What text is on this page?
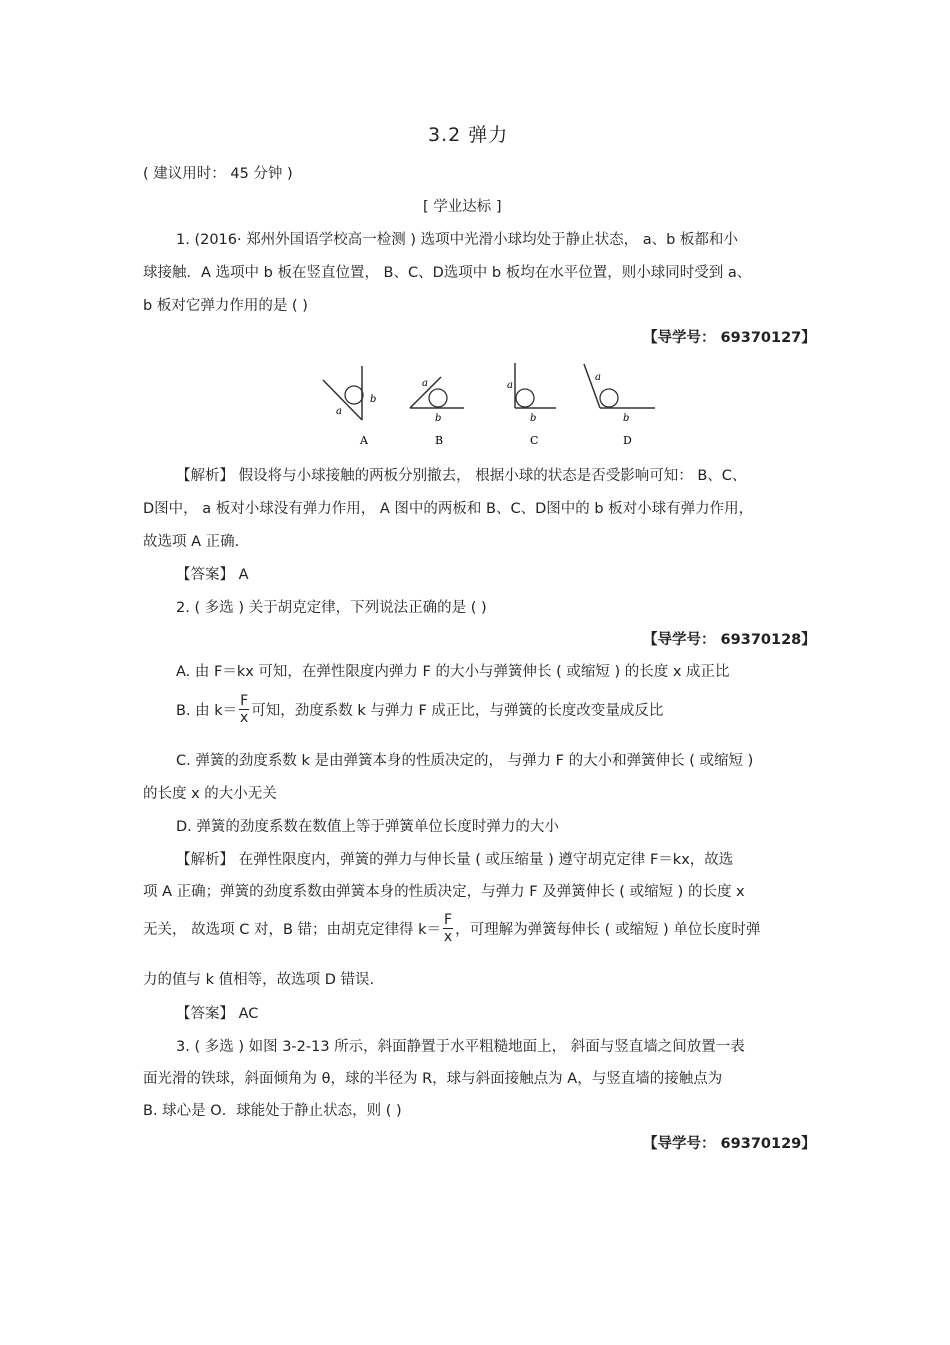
3.2 弹力
( 建议用时： 45 分钟 )
[ 学业达标 ]
1. (2016· 郑州外国语学校高一检测 ) 选项中光滑小球均处于静止状态， a、b 板都和小
球接触．A 选项中 b 板在竖直位置， B、C、D选项中 b 板均在水平位置，则小球同时受到 a、
b 板对它弹力作用的是 ( )
【导学号： 69370127】
a
b
A
a
b
B
a
b
C
a
b
D
【解析】 假设将与小球接触的两板分别撤去， 根据小球的状态是否受影响可知： B、C、
D图中， a 板对小球没有弹力作用， A 图中的两板和 B、C、D图中的 b 板对小球有弹力作用，
故选项 A 正确.
【答案】 A
2. ( 多选 ) 关于胡克定律，下列说法正确的是 ( )
【导学号： 69370128】
A. 由 F＝kx 可知，在弹性限度内弹力 F 的大小与弹簧伸长 ( 或缩短 ) 的长度 x 成正比
B. 由 $k= \frac{F}{x}$ 可知，劲度系数 k 与弹力 F 成正比，与弹簧的长度改变量成反比
C. 弹簧的劲度系数 k 是由弹簧本身的性质决定的， 与弹力 F 的大小和弹簧伸长 ( 或缩短 )
的长度 x 的大小无关
D. 弹簧的劲度系数在数值上等于弹簧单位长度时弹力的大小
【解析】 在弹性限度内，弹簧的弹力与伸长量 ( 或压缩量 ) 遵守胡克定律 F＝kx，故选
项 A 正确；弹簧的劲度系数由弹簧本身的性质决定，与弹力 F 及弹簧伸长 ( 或缩短 ) 的长度 x
无关， 故选项 C 对，B 错；由胡克定律得 $k= \frac{F}{x}$ ，可理解为弹簧每伸长 ( 或缩短 ) 单位长度时弹
力的值与 k 值相等，故选项 D 错误.
【答案】 AC
3. ( 多选 ) 如图 3-2-13 所示，斜面静置于水平粗糙地面上， 斜面与竖直墙之间放置一表
面光滑的铁球，斜面倾角为 θ，球的半径为 R，球与斜面接触点为 A，与竖直墙的接触点为
B. 球心是 O．球能处于静止状态，则 ( )
【导学号： 69370129】
